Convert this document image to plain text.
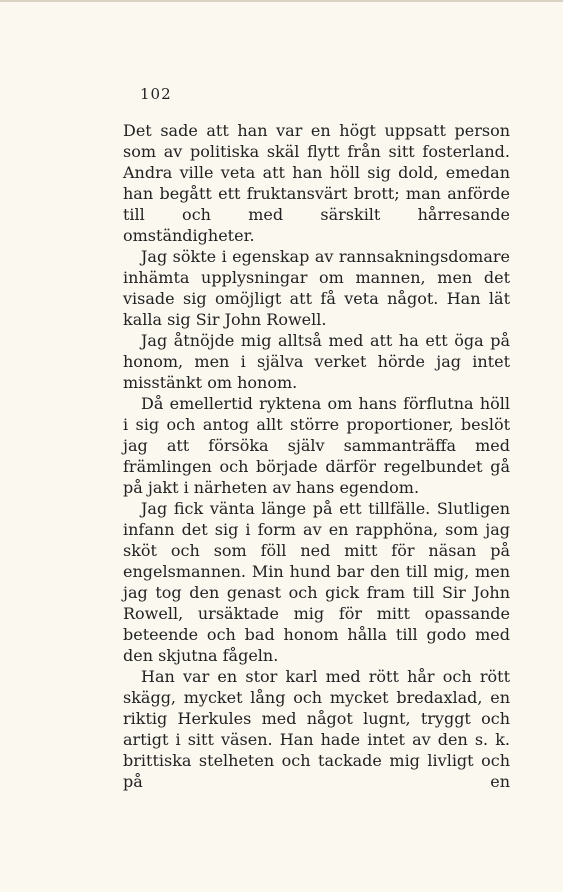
102

Det sade att han var en högt uppsatt person som av politiska skäl flytt från sitt fosterland. Andra ville veta att han höll sig dold, emedan han begått ett fruktansvärt brott; man anförde till och med särskilt hårresande omständigheter.

Jag sökte i egenskap av rannsakningsdomare inhämta upplysningar om mannen, men det visade sig omöjligt att få veta något. Han lät kalla sig Sir John Rowell.

Jag åtnöjde mig alltså med att ha ett öga på honom, men i själva verket hörde jag intet misstänkt om honom.

Då emellertid ryktena om hans förflutna höll i sig och antog allt större proportioner, beslöt jag att försöka själv sammanträffa med främlingen och började därför regelbundet gå på jakt i närheten av hans egendom.

Jag fick vänta länge på ett tillfälle. Slutligen infann det sig i form av en rapphöna, som jag sköt och som föll ned mitt för näsan på engelsmannen. Min hund bar den till mig, men jag tog den genast och gick fram till Sir John Rowell, ursäktade mig för mitt opassande beteende och bad honom hålla till godo med den skjutna fågeln.

Han var en stor karl med rött hår och rött skägg, mycket lång och mycket bredaxlad, en riktig Herkules med något lugnt, tryggt och artigt i sitt väsen. Han hade intet av den s. k. brittiska stelheten och tackade mig livligt och på en
